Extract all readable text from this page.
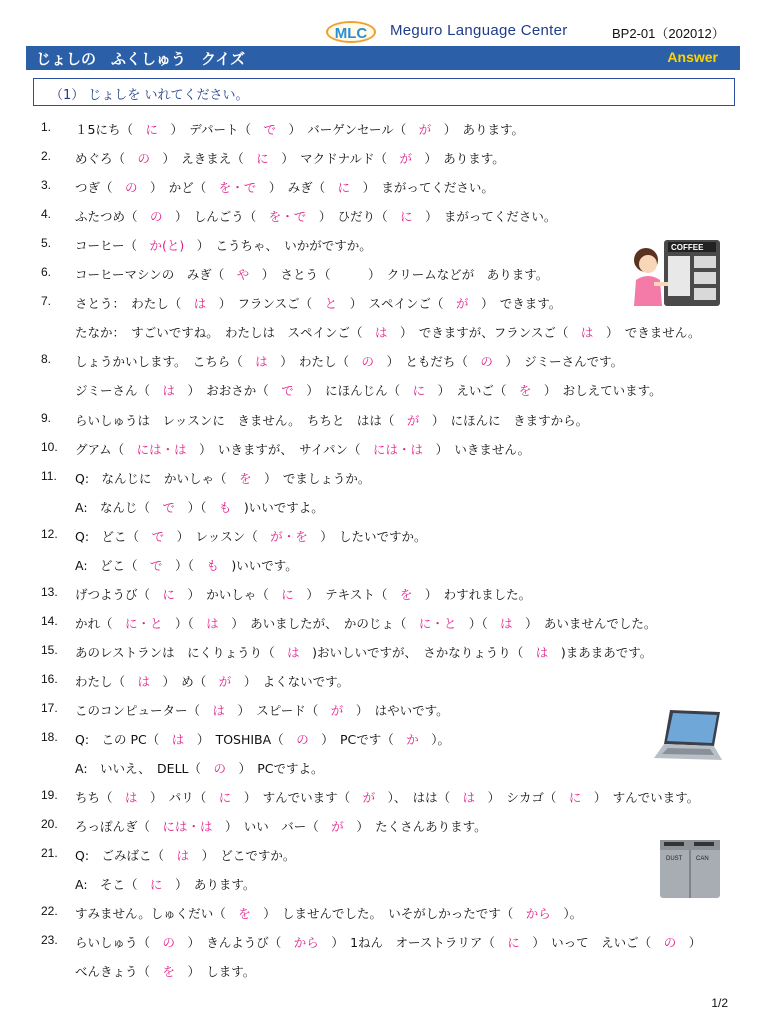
MLC	Meguro Language Center	BP2-01（202012）
じょしの　ふくしゅう　クイズ	Answer
（1） じょしを いれてください。
1. １5にち（　に　）　デパート（　で　）　バーゲンセール（　が　）　あります。
2. めぐろ（　の　）　えきまえ（　に　）　マクドナルド（　が　）　あります。
3. つぎ（　の　）　かど（　を・で　）　みぎ（　に　）　まがってください。
4. ふたつめ（　の　）　しんごう（　を・で　）　ひだり（　に　）　まがってください。
5. コーヒー（　か(と)　）　こうちゃ、　いかがですか。
6. コーヒーマシンの　みぎ（　や　）　さとう（　　　）　クリームなどが　あります。
7. さとう：　わたし（　は　）　フランスご（　と　）　スペインご（　が　）　できます。
たなか：　すごいですね。　わたしは　スペインご（　は　）　できますが、フランスご（　は　）　できません。
8. しょうかいします。　こちら（　は　）　わたし（　の　）　ともだち（　の　）　ジミーさんです。
ジミーさん（　は　）　おおさか（　で　）　にほんじん（　に　）　えいご（　を　）　おしえています。
9. らいしゅうは　レッスンに　きません。　ちちと　はは（　が　）　にほんに　きますから。
10. グアム（　には・は　）　いきますが、　サイパン（　には・は　）　いきません。
11. Q:　なんじに　かいしゃ（　を　）　でましょうか。
A:　なんじ（　で　）（　も　)いいですよ。
12. Q:　どこ（　で　）　レッスン（　が・を　）　したいですか。
A:　どこ（　で　）（　も　)いいです。
13. げつようび（　に　）　かいしゃ（　に　）　テキスト（　を　）　わすれました。
14. かれ（　に・と　）（　は　）　あいましたが、　かのじょ（　に・と　）（　は　）　あいませんでした。
15. あのレストランは　にくりょうり（　は　)おいしいですが、　さかなりょうり（　は　)まあまあです。
16. わたし（　は　）　め（　が　）　よくないです。
17. このコンピューター（　は　）　スピード（　が　）　はやいです。
18. Q:　この PC（　は　）　TOSHIBA（　の　）　PCです（　か　）。
A:　いいえ、　DELL（　の　）　PCですよ。
19. ちち（　は　）　パリ（　に　）　すんでいます（　が　）、　はは（　は　）　シカゴ（　に　）　すんでいます。
20. ろっぽんぎ（　には・は　）　いい　バー（　が　）　たくさんあります。
21. Q:　ごみばこ（　は　）　どこですか。
A:　そこ（　に　）　あります。
22. すみません。しゅくだい（　を　）　しませんでした。　いそがしかったです（　から　）。
23. らいしゅう（　の　）　きんようび（　から　）　1ねん　オーストラリア（　に　）　いって　えいご（　の　）
べんきょう（　を　）　します。
COFFEE
DUST CAN
1/2
